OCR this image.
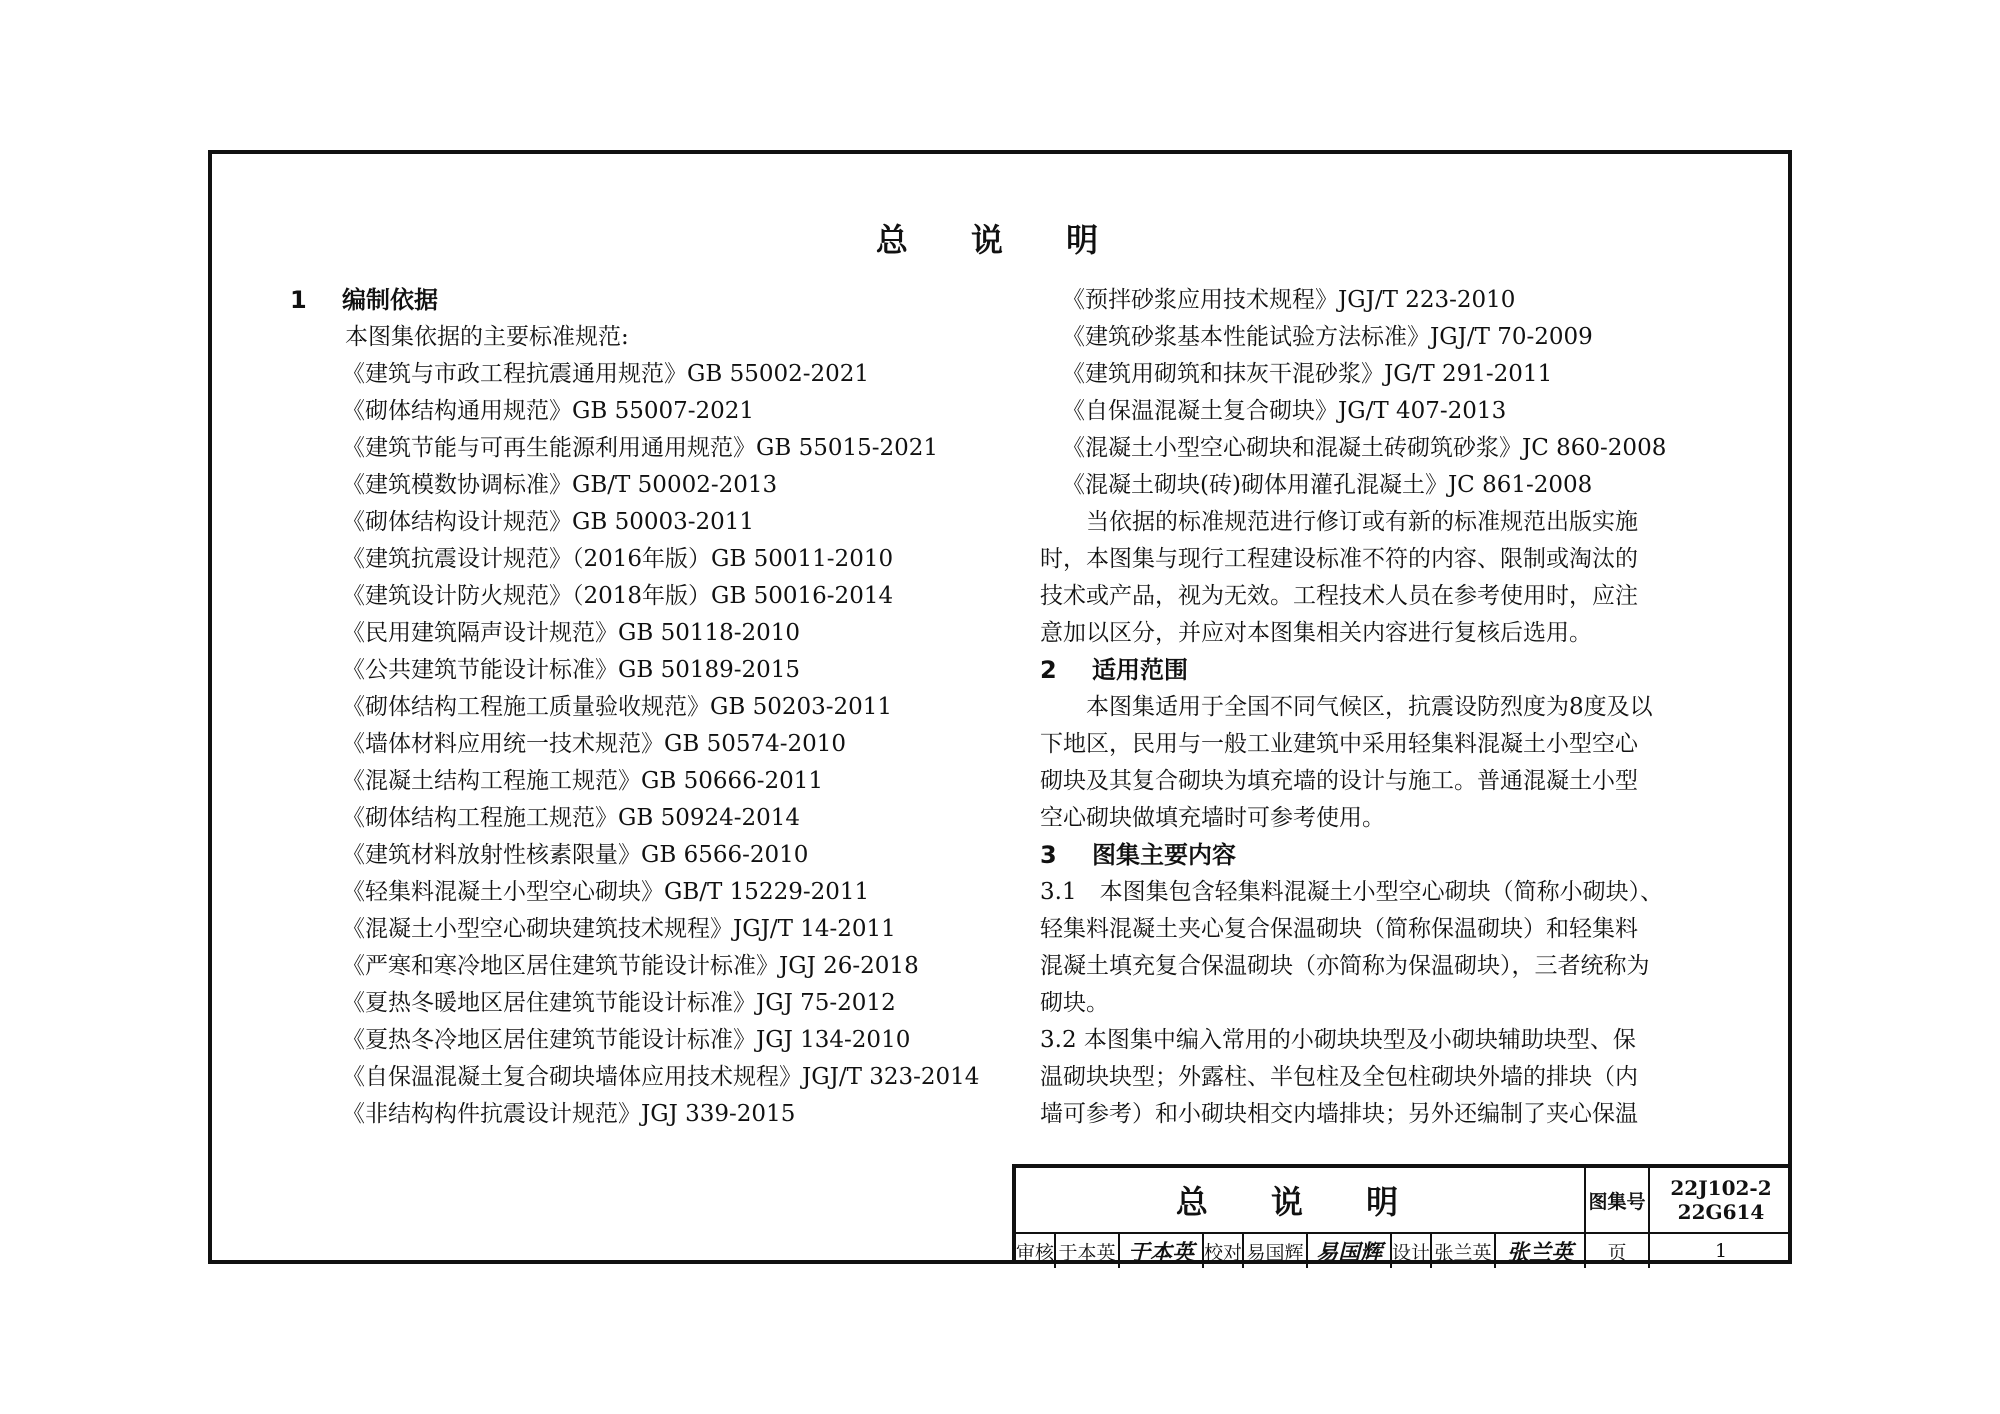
总 说 明
1 编制依据
本图集依据的主要标准规范:
《建筑与市政工程抗震通用规范》GB 55002-2021
《砌体结构通用规范》GB 55007-2021
《建筑节能与可再生能源利用通用规范》GB 55015-2021
《建筑模数协调标准》GB/T 50002-2013
《砌体结构设计规范》GB 50003-2011
《建筑抗震设计规范》（2016年版）GB 50011-2010
《建筑设计防火规范》（2018年版）GB 50016-2014
《民用建筑隔声设计规范》GB 50118-2010
《公共建筑节能设计标准》GB 50189-2015
《砌体结构工程施工质量验收规范》GB 50203-2011
《墙体材料应用统一技术规范》GB 50574-2010
《混凝土结构工程施工规范》GB 50666-2011
《砌体结构工程施工规范》GB 50924-2014
《建筑材料放射性核素限量》GB 6566-2010
《轻集料混凝土小型空心砌块》GB/T 15229-2011
《混凝土小型空心砌块建筑技术规程》JGJ/T 14-2011
《严寒和寒冷地区居住建筑节能设计标准》JGJ 26-2018
《夏热冬暖地区居住建筑节能设计标准》JGJ 75-2012
《夏热冬冷地区居住建筑节能设计标准》JGJ 134-2010
《自保温混凝土复合砌块墙体应用技术规程》JGJ/T 323-2014
《非结构构件抗震设计规范》JGJ 339-2015
《预拌砂浆应用技术规程》JGJ/T 223-2010
《建筑砂浆基本性能试验方法标准》JGJ/T 70-2009
《建筑用砌筑和抹灰干混砂浆》JG/T 291-2011
《自保温混凝土复合砌块》JG/T 407-2013
《混凝土小型空心砌块和混凝土砖砌筑砂浆》JC 860-2008
《混凝土砌块(砖)砌体用灌孔混凝土》JC 861-2008
　　当依据的标准规范进行修订或有新的标准规范出版实施
时，本图集与现行工程建设标准不符的内容、限制或淘汰的
技术或产品，视为无效。工程技术人员在参考使用时，应注
意加以区分，并应对本图集相关内容进行复核后选用。
2 适用范围
　　本图集适用于全国不同气候区，抗震设防烈度为8度及以
下地区，民用与一般工业建筑中采用轻集料混凝土小型空心
砌块及其复合砌块为填充墙的设计与施工。普通混凝土小型
空心砌块做填充墙时可参考使用。
3 图集主要内容
3.1　本图集包含轻集料混凝土小型空心砌块（简称小砌块）、
轻集料混凝土夹心复合保温砌块（简称保温砌块）和轻集料
混凝土填充复合保温砌块（亦简称为保温砌块），三者统称为
砌块。
3.2 本图集中编入常用的小砌块块型及小砌块辅助块型、保
温砌块块型；外露柱、半包柱及全包柱砌块外墙的排块（内
墙可参考）和小砌块相交内墙排块；另外还编制了夹心保温
总 说 明	图集号
22J102-2
22G614
审核 于本英 于本英 校对 易国辉 易国辉 设计 张兰英 张兰英	页	1
